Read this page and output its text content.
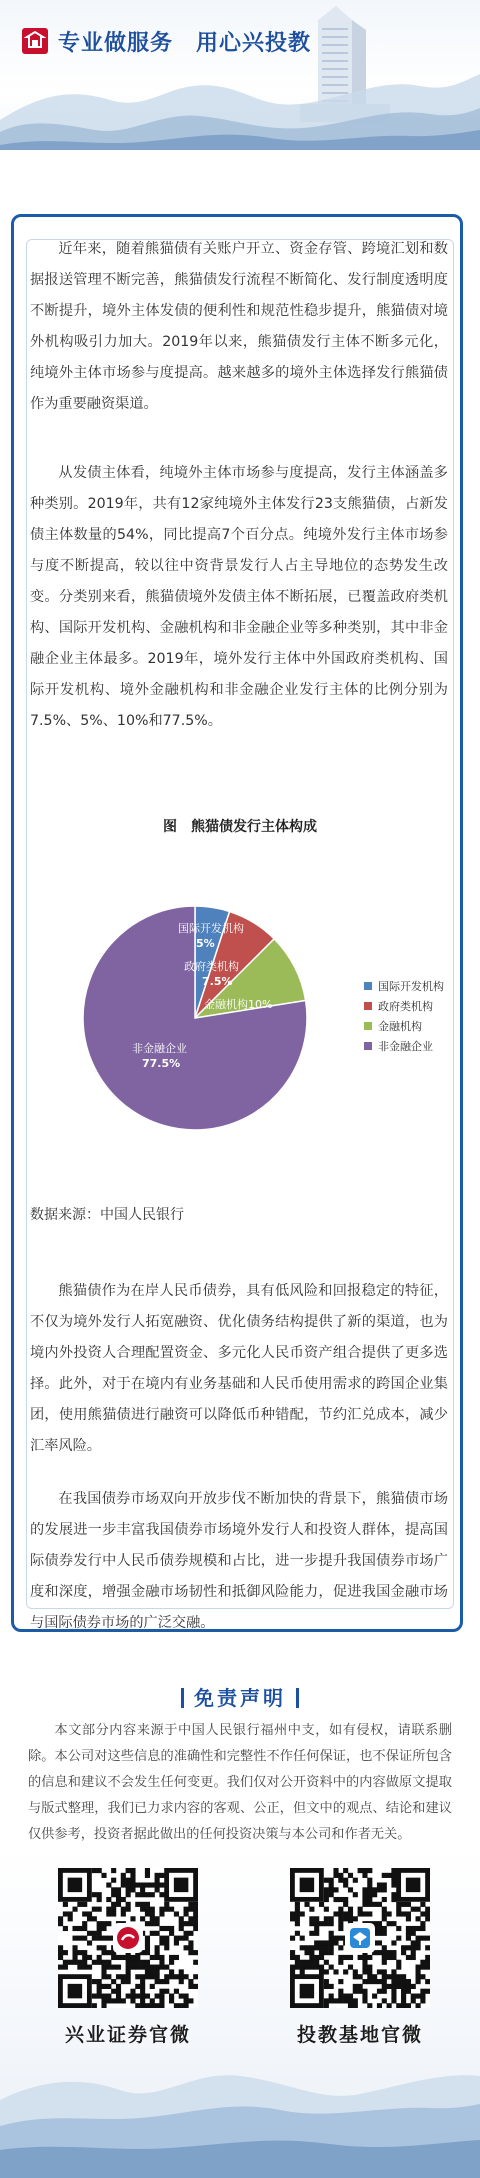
专业做服务　用心兴投教

近年来，随着熊猫债有关账户开立、资金存管、跨境汇划和数据报送管理不断完善，熊猫债发行流程不断简化、发行制度透明度不断提升，境外主体发债的便利性和规范性稳步提升，熊猫债对境外机构吸引力加大。2019年以来，熊猫债发行主体不断多元化，纯境外主体市场参与度提高。越来越多的境外主体选择发行熊猫债作为重要融资渠道。

从发债主体看，纯境外主体市场参与度提高，发行主体涵盖多种类别。2019年，共有12家纯境外主体发行23支熊猫债，占新发债主体数量的54%，同比提高7个百分点。纯境外发行主体市场参与度不断提高，较以往中资背景发行人占主导地位的态势发生改变。分类别来看，熊猫债境外发债主体不断拓展，已覆盖政府类机构、国际开发机构、金融机构和非金融企业等多种类别，其中非金融企业主体最多。2019年，境外发行主体中外国政府类机构、国际开发机构、境外金融机构和非金融企业发行主体的比例分别为7.5%、5%、10%和77.5%。

图　熊猫债发行主体构成
国际开发机构
5%
政府类机构
7.5%
金融机构10%
非金融企业
77.5%
国际开发机构
政府类机构
金融机构
非金融企业
数据来源：中国人民银行

熊猫债作为在岸人民币债券，具有低风险和回报稳定的特征，不仅为境外发行人拓宽融资、优化债务结构提供了新的渠道，也为境内外投资人合理配置资金、多元化人民币资产组合提供了更多选择。此外，对于在境内有业务基础和人民币使用需求的跨国企业集团，使用熊猫债进行融资可以降低币种错配，节约汇兑成本，减少汇率风险。

在我国债券市场双向开放步伐不断加快的背景下，熊猫债市场的发展进一步丰富我国债券市场境外发行人和投资人群体，提高国际债券发行中人民币债券规模和占比，进一步提升我国债券市场广度和深度，增强金融市场韧性和抵御风险能力，促进我国金融市场与国际债券市场的广泛交融。

免责声明

本文部分内容来源于中国人民银行福州中支，如有侵权，请联系删除。本公司对这些信息的准确性和完整性不作任何保证，也不保证所包含的信息和建议不会发生任何变更。我们仅对公开资料中的内容做原文提取与版式整理，我们已力求内容的客观、公正，但文中的观点、结论和建议仅供参考，投资者据此做出的任何投资决策与本公司和作者无关。

兴业证券官微	投教基地官微
